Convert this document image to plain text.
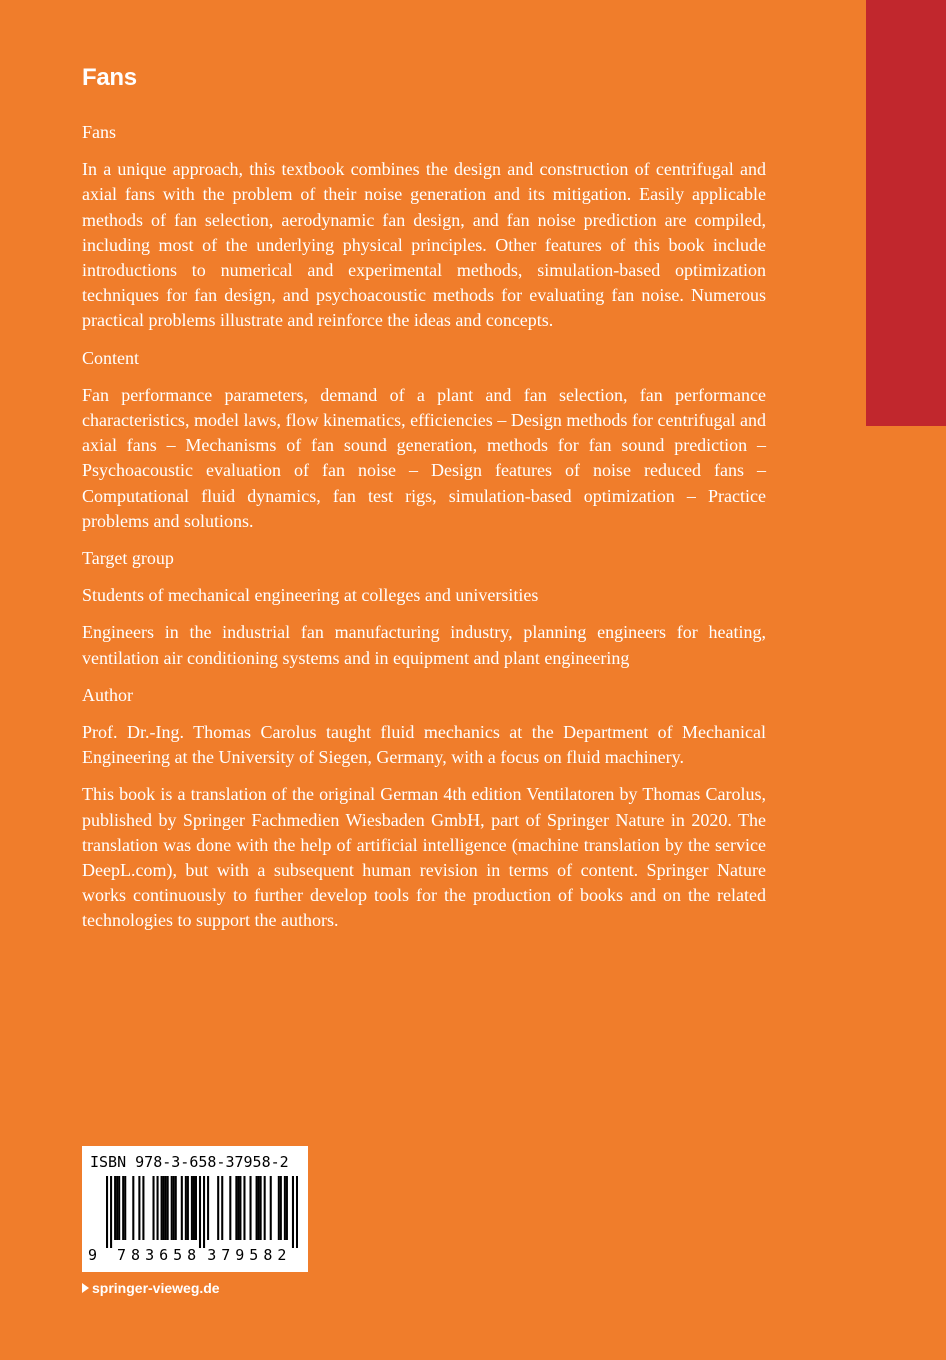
Fans

Fans

In a unique approach, this textbook combines the design and construction of centrifugal and axial fans with the problem of their noise generation and its mitigation. Easily applicable methods of fan selection, aerodynamic fan design, and fan noise prediction are compiled, including most of the underlying physical principles. Other features of this book include introductions to numerical and experimental methods, simulation-based optimization techniques for fan design, and psychoacoustic methods for evaluating fan noise. Numerous practical problems illustrate and reinforce the ideas and concepts.

Content

Fan performance parameters, demand of a plant and fan selection, fan performance characteristics, model laws, flow kinematics, efficiencies – Design methods for centrifugal and axial fans – Mechanisms of fan sound generation, methods for fan sound prediction – Psychoacoustic evaluation of fan noise – Design features of noise reduced fans – Computational fluid dynamics, fan test rigs, simulation-based optimization – Practice problems and solutions.

Target group

Students of mechanical engineering at colleges and universities

Engineers in the industrial fan manufacturing industry, planning engineers for heating, ventilation air conditioning systems and in equipment and plant engineering

Author

Prof. Dr.-Ing. Thomas Carolus taught fluid mechanics at the Department of Mechanical Engineering at the University of Siegen, Germany, with a focus on fluid machinery.

This book is a translation of the original German 4th edition Ventilatoren by Thomas Carolus, published by Springer Fachmedien Wiesbaden GmbH, part of Springer Nature in 2020. The translation was done with the help of artificial intelligence (machine translation by the service DeepL.com), but with a subsequent human revision in terms of content. Springer Nature works continuously to further develop tools for the production of books and on the related technologies to support the authors.

ISBN 978-3-658-37958-2
9 783658 379582
springer-vieweg.de
